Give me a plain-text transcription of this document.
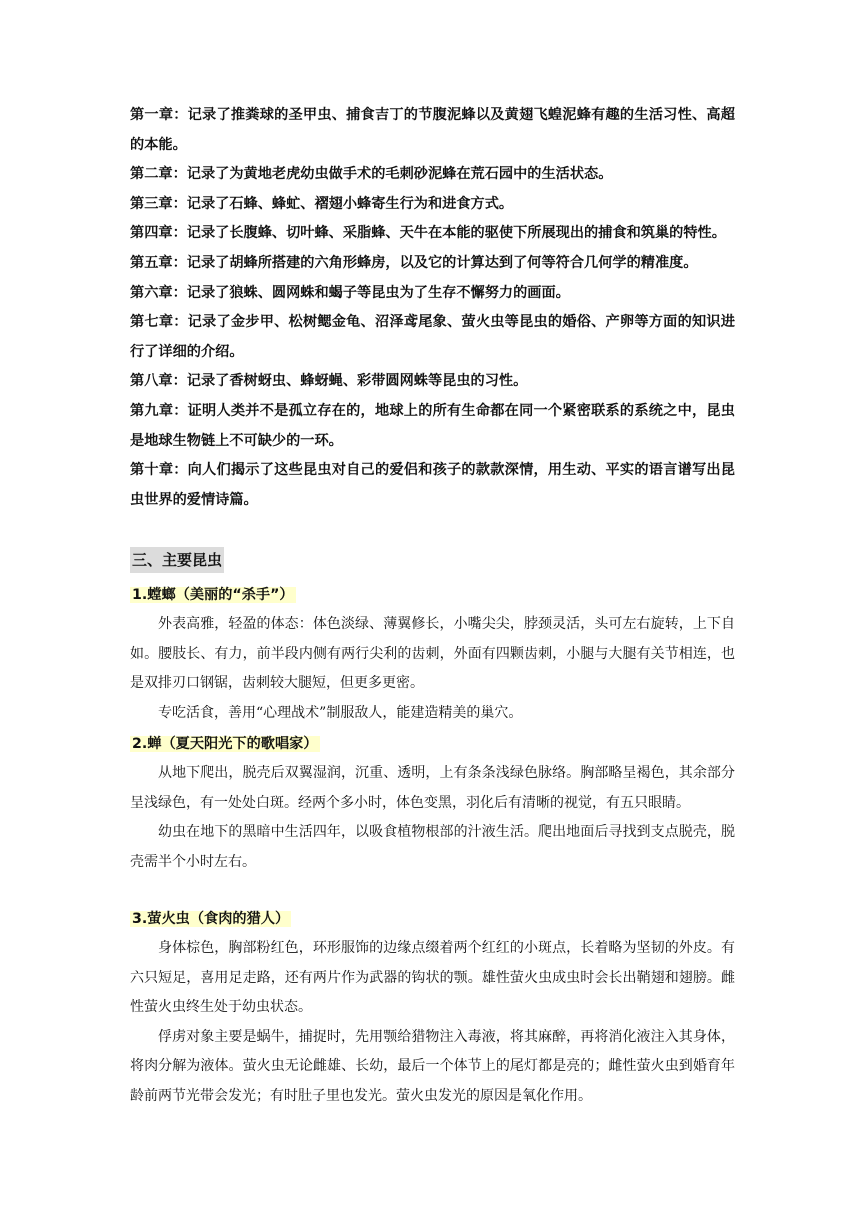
第一章：记录了推粪球的圣甲虫、捕食吉丁的节腹泥蜂以及黄翅飞蝗泥蜂有趣的生活习性、高超的本能。

第二章：记录了为黄地老虎幼虫做手术的毛刺砂泥蜂在荒石园中的生活状态。

第三章：记录了石蜂、蜂虻、褶翅小蜂寄生行为和进食方式。

第四章：记录了长腹蜂、切叶蜂、采脂蜂、天牛在本能的驱使下所展现出的捕食和筑巢的特性。

第五章：记录了胡蜂所搭建的六角形蜂房，以及它的计算达到了何等符合几何学的精准度。

第六章：记录了狼蛛、圆网蛛和蝎子等昆虫为了生存不懈努力的画面。

第七章：记录了金步甲、松树鳃金龟、沼泽鸢尾象、萤火虫等昆虫的婚俗、产卵等方面的知识进行了详细的介绍。

第八章：记录了香树蚜虫、蜂蚜蝇、彩带圆网蛛等昆虫的习性。

第九章：证明人类并不是孤立存在的，地球上的所有生命都在同一个紧密联系的系统之中，昆虫是地球生物链上不可缺少的一环。

第十章：向人们揭示了这些昆虫对自己的爱侣和孩子的款款深情，用生动、平实的语言谱写出昆虫世界的爱情诗篇。

三、主要昆虫

1.螳螂（美丽的“杀手”）

外表高雅，轻盈的体态：体色淡绿、薄翼修长，小嘴尖尖，脖颈灵活，头可左右旋转，上下自如。腰肢长、有力，前半段内侧有两行尖利的齿刺，外面有四颗齿刺，小腿与大腿有关节相连，也是双排刃口钢锯，齿刺较大腿短，但更多更密。

专吃活食，善用“心理战术”制服敌人，能建造精美的巢穴。

2.蝉（夏天阳光下的歌唱家）

从地下爬出，脱壳后双翼湿润，沉重、透明，上有条条浅绿色脉络。胸部略呈褐色，其余部分呈浅绿色，有一处处白斑。经两个多小时，体色变黑，羽化后有清晰的视觉，有五只眼睛。

幼虫在地下的黑暗中生活四年，以吸食植物根部的汁液生活。爬出地面后寻找到支点脱壳，脱壳需半个小时左右。

3.萤火虫（食肉的猎人）

身体棕色，胸部粉红色，环形服饰的边缘点缀着两个红红的小斑点，长着略为坚韧的外皮。有六只短足，喜用足走路，还有两片作为武器的钩状的颚。雄性萤火虫成虫时会长出鞘翅和翅膀。雌性萤火虫终生处于幼虫状态。

俘虏对象主要是蜗牛，捕捉时，先用颚给猎物注入毒液，将其麻醉，再将消化液注入其身体，将肉分解为液体。萤火虫无论雌雄、长幼，最后一个体节上的尾灯都是亮的；雌性萤火虫到婚育年龄前两节光带会发光；有时肚子里也发光。萤火虫发光的原因是氧化作用。
